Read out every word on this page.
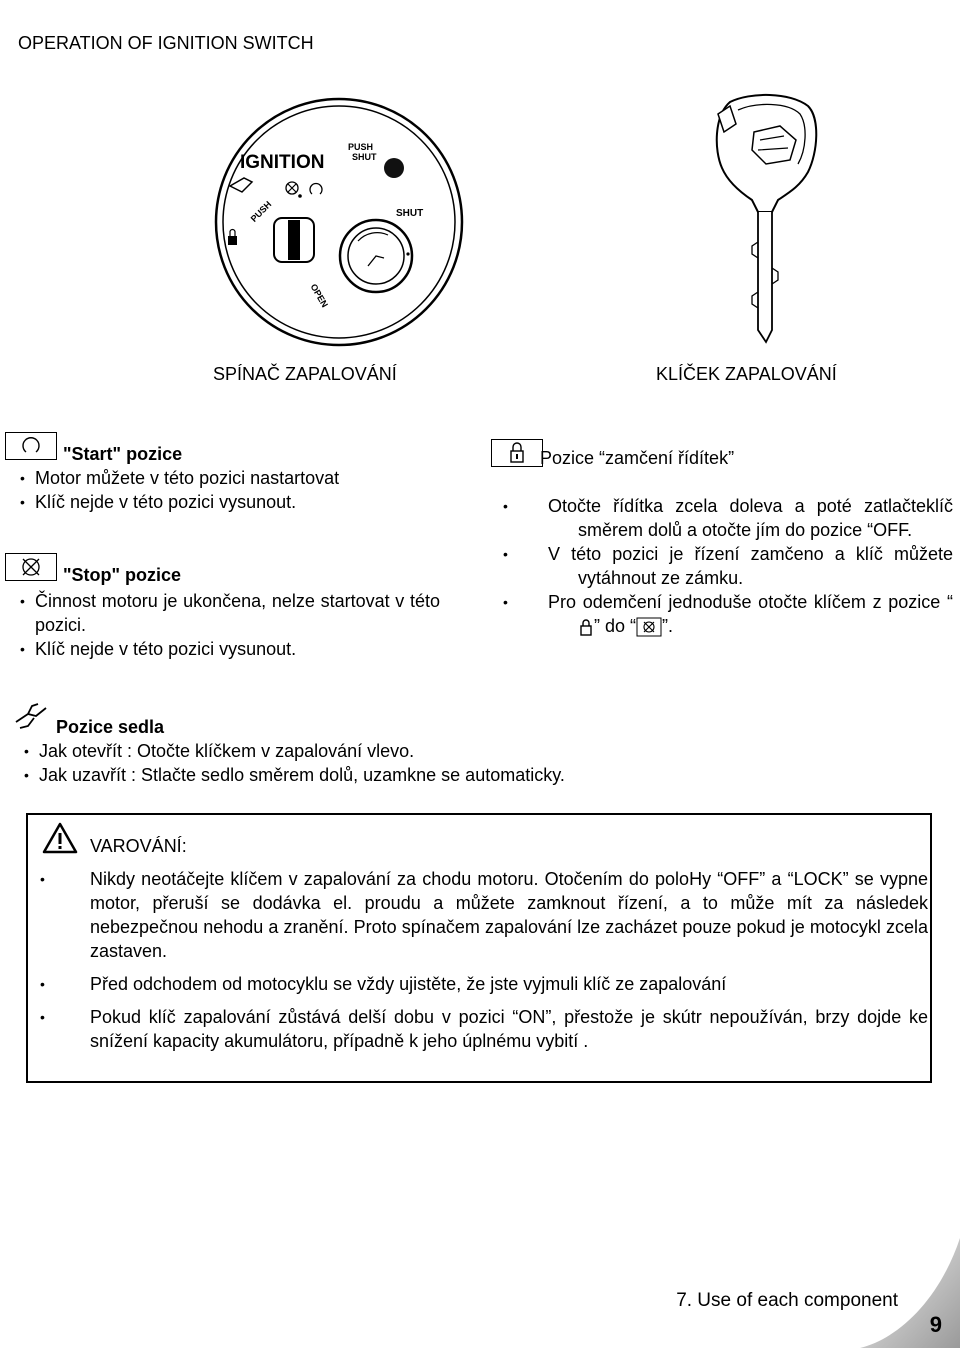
OPERATION OF IGNITION SWITCH
IGNITION
PUSH
SHUT
SHUT
PUSH
OPEN
SPÍNAČ ZAPALOVÁNÍ	KLÍČEK ZAPALOVÁNÍ
"Start" pozice
• Motor můžete v této pozici nastartovat
• Klíč nejde v této pozici vysunout.
"Stop" pozice
• Činnost motoru je ukončena, nelze startovat v této pozici.
• Klíč nejde v této pozici vysunout.
Pozice “zamčení řídítek”
• Otočte řídítka zcela doleva a poté zatlačteklíč směrem dolů a otočte jím do pozice “OFF.
• V této pozici je řízení zamčeno a klíč můžete vytáhnout ze zámku.
• Pro odemčení jednoduše otočte klíčem z pozice “” do “ ”.
Pozice sedla
• Jak otevřít : Otočte klíčkem v zapalování vlevo.
• Jak uzavřít : Stlačte sedlo směrem dolů, uzamkne se automaticky.
VAROVÁNÍ:

Nikdy neotáčejte klíčem v zapalování za chodu motoru. Otočením do poloHy “OFF” a “LOCK” se vypne motor, přeruší se dodávka el. proudu a můžete zamknout řízení, a to může mít za následek nebezpečnou nehodu a zranění. Proto spínačem zapalování lze zacházet pouze pokud je motocykl zcela zastaven.

•

Před odchodem od motocyklu se vždy ujistěte, že jste vyjmuli klíč ze zapalování

•

Pokud klíč zapalování zůstává delší dobu v pozici “ON”, přestože je skútr nepoužíván, brzy dojde ke snížení kapacity akumulátoru, případně k jeho úplnému vybití .

•
7. Use of each component
9
